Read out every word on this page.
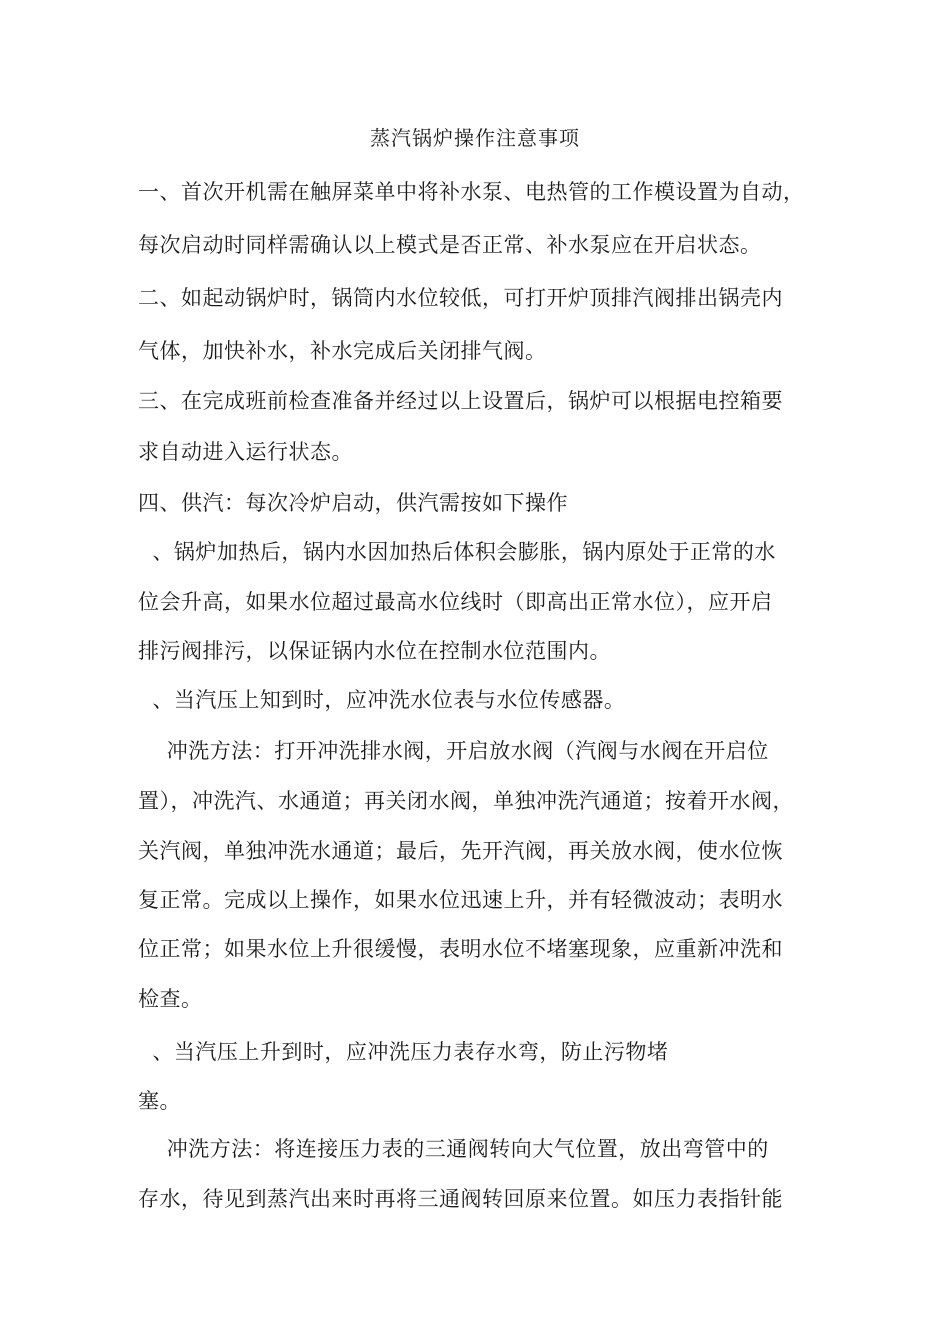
蒸汽锅炉操作注意事项
一、首次开机需在触屏菜单中将补水泵、电热管的工作模设置为自动，
每次启动时同样需确认以上模式是否正常、补水泵应在开启状态。
二、如起动锅炉时，锅筒内水位较低，可打开炉顶排汽阀排出锅壳内
气体，加快补水，补水完成后关闭排气阀。
三、在完成班前检查准备并经过以上设置后，锅炉可以根据电控箱要
求自动进入运行状态。
四、供汽：每次冷炉启动，供汽需按如下操作
、锅炉加热后，锅内水因加热后体积会膨胀，锅内原处于正常的水
位会升高，如果水位超过最高水位线时（即高出正常水位），应开启
排污阀排污，以保证锅内水位在控制水位范围内。
、当汽压上知到时，应冲洗水位表与水位传感器。
冲洗方法：打开冲洗排水阀，开启放水阀（汽阀与水阀在开启位
置），冲洗汽、水通道；再关闭水阀，单独冲洗汽通道；按着开水阀，
关汽阀，单独冲洗水通道；最后，先开汽阀，再关放水阀，使水位恢
复正常。完成以上操作，如果水位迅速上升，并有轻微波动；表明水
位正常；如果水位上升很缓慢，表明水位不堵塞现象，应重新冲洗和
检查。
、当汽压上升到时，应冲洗压力表存水弯，防止污物堵
塞。
冲洗方法：将连接压力表的三通阀转向大气位置，放出弯管中的
存水，待见到蒸汽出来时再将三通阀转回原来位置。如压力表指针能
